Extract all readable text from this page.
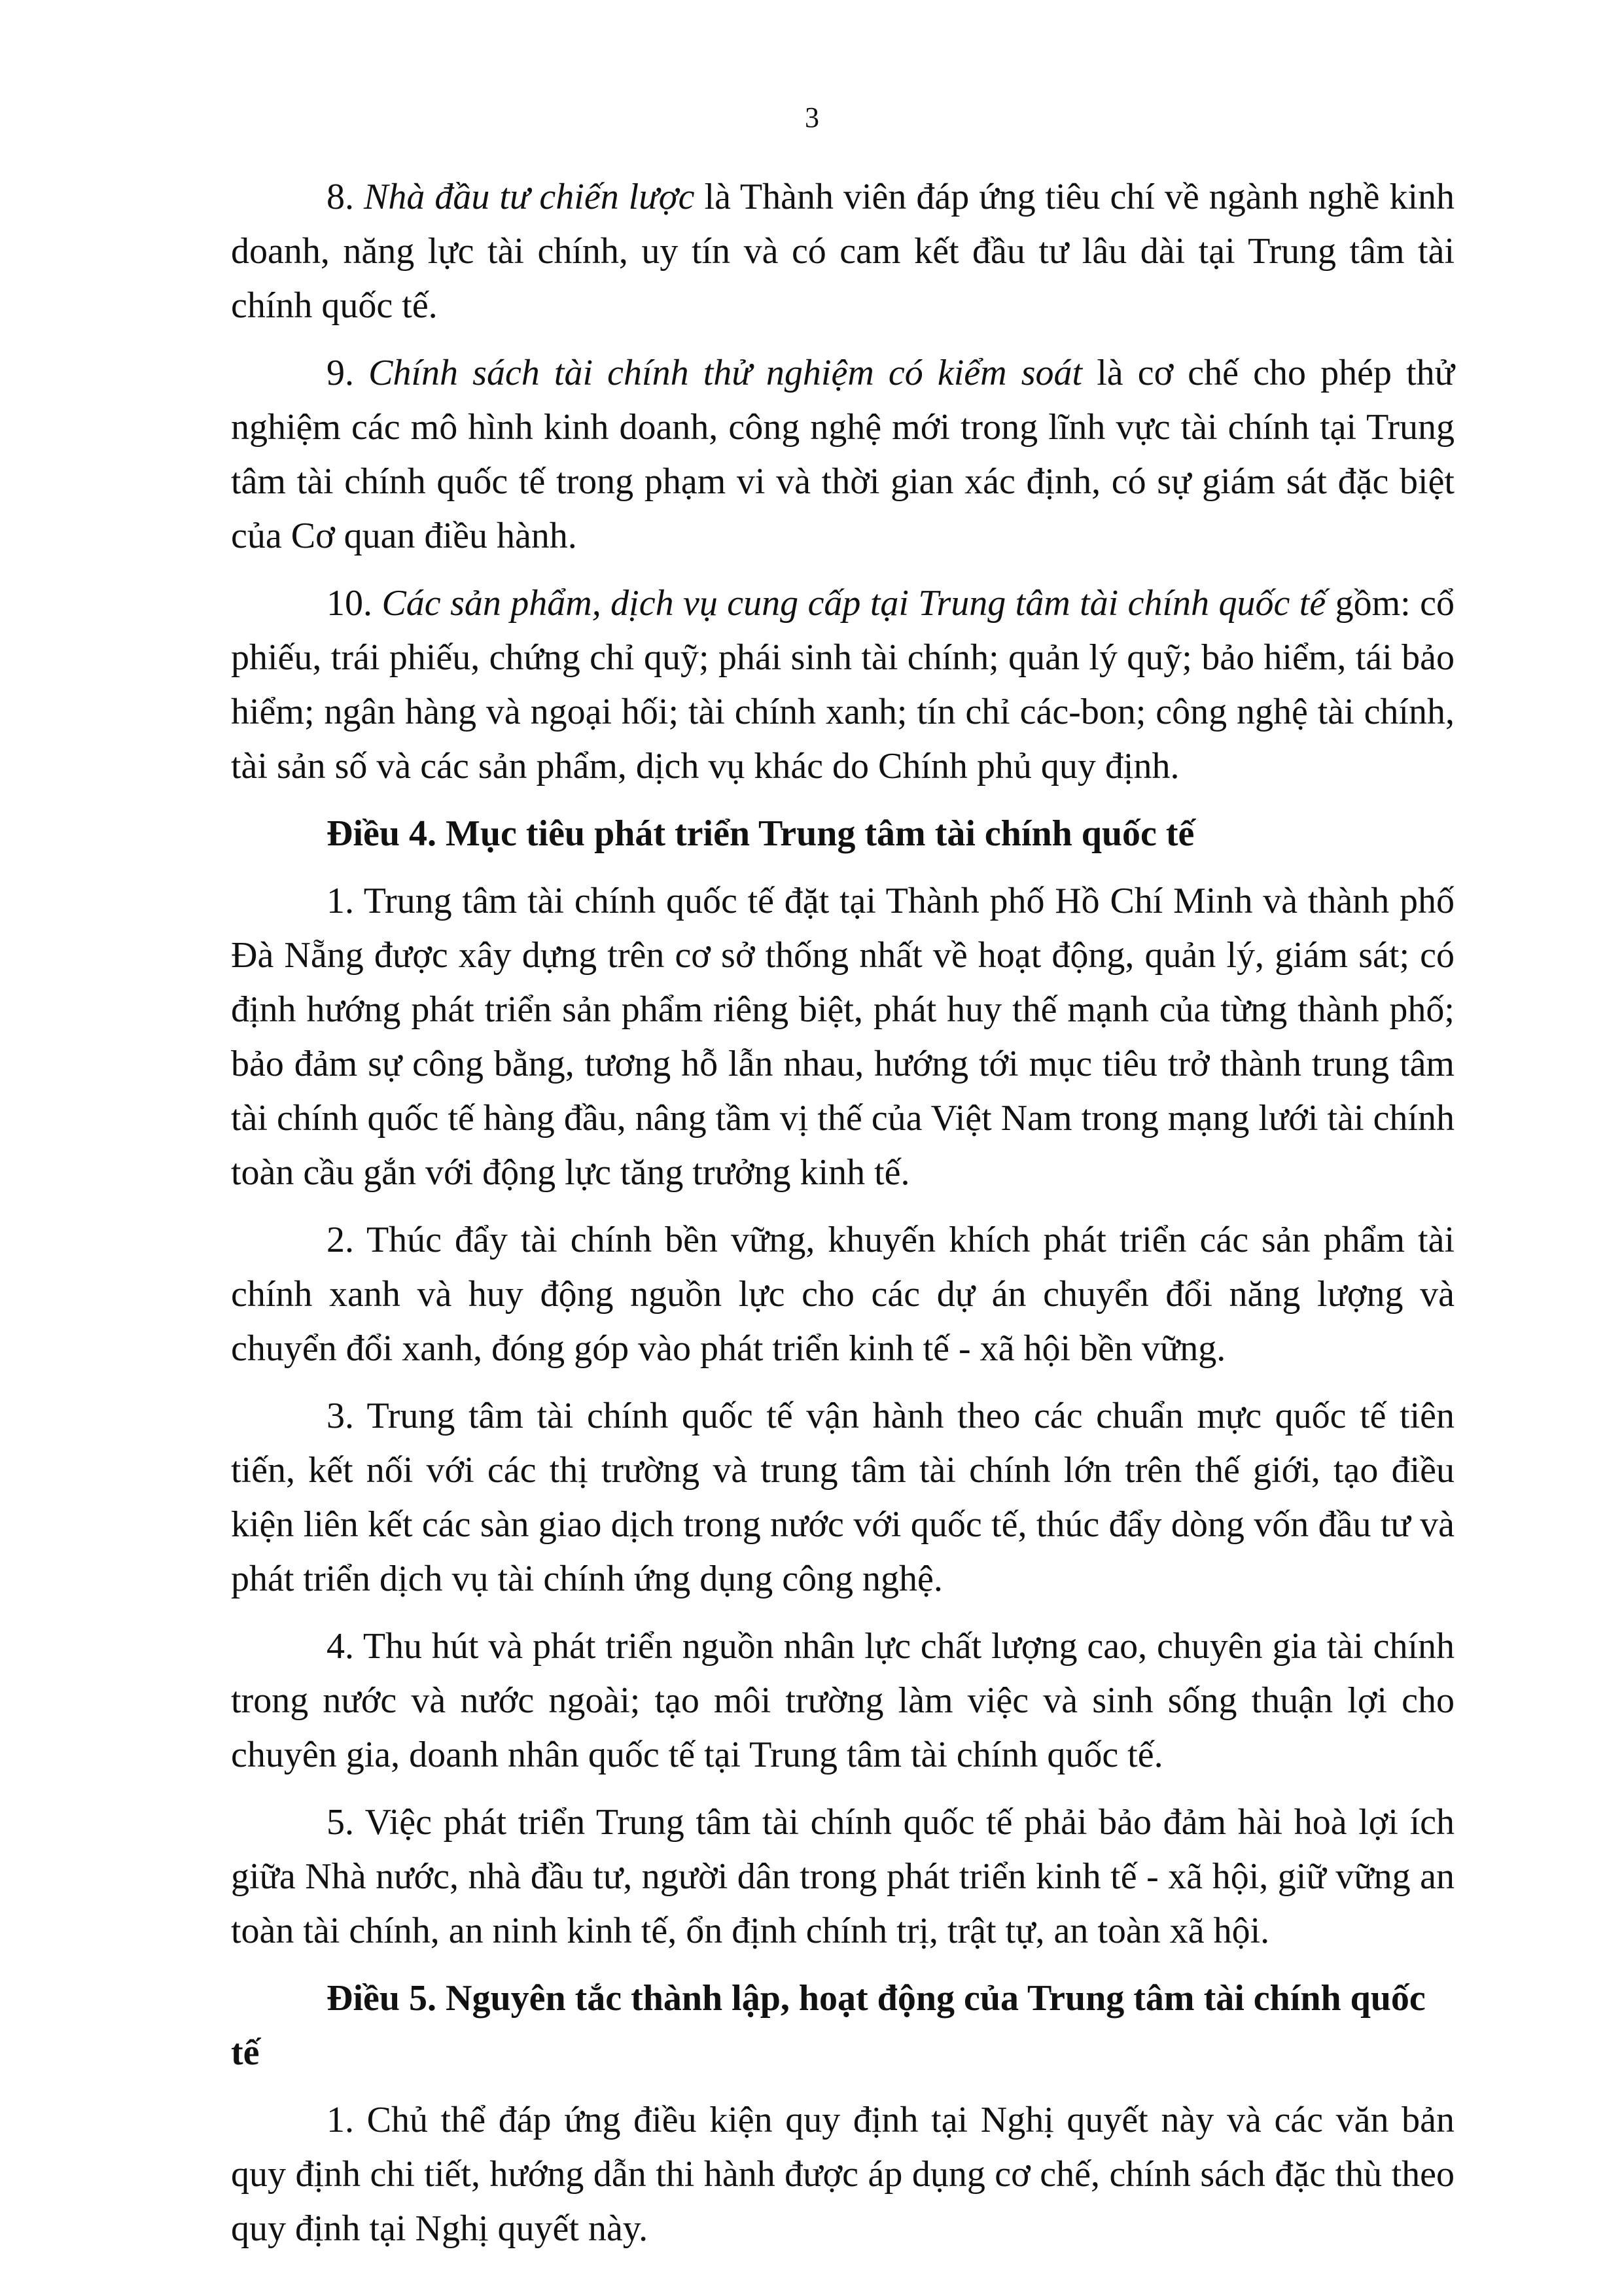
3

8. Nhà đầu tư chiến lược là Thành viên đáp ứng tiêu chí về ngành nghề kinh doanh, năng lực tài chính, uy tín và có cam kết đầu tư lâu dài tại Trung tâm tài chính quốc tế.

9. Chính sách tài chính thử nghiệm có kiểm soát là cơ chế cho phép thử nghiệm các mô hình kinh doanh, công nghệ mới trong lĩnh vực tài chính tại Trung tâm tài chính quốc tế trong phạm vi và thời gian xác định, có sự giám sát đặc biệt của Cơ quan điều hành.

10. Các sản phẩm, dịch vụ cung cấp tại Trung tâm tài chính quốc tế gồm: cổ phiếu, trái phiếu, chứng chỉ quỹ; phái sinh tài chính; quản lý quỹ; bảo hiểm, tái bảo hiểm; ngân hàng và ngoại hối; tài chính xanh; tín chỉ các-bon; công nghệ tài chính, tài sản số và các sản phẩm, dịch vụ khác do Chính phủ quy định.

Điều 4. Mục tiêu phát triển Trung tâm tài chính quốc tế

1. Trung tâm tài chính quốc tế đặt tại Thành phố Hồ Chí Minh và thành phố Đà Nẵng được xây dựng trên cơ sở thống nhất về hoạt động, quản lý, giám sát; có định hướng phát triển sản phẩm riêng biệt, phát huy thế mạnh của từng thành phố; bảo đảm sự công bằng, tương hỗ lẫn nhau, hướng tới mục tiêu trở thành trung tâm tài chính quốc tế hàng đầu, nâng tầm vị thế của Việt Nam trong mạng lưới tài chính toàn cầu gắn với động lực tăng trưởng kinh tế.

2. Thúc đẩy tài chính bền vững, khuyến khích phát triển các sản phẩm tài chính xanh và huy động nguồn lực cho các dự án chuyển đổi năng lượng và chuyển đổi xanh, đóng góp vào phát triển kinh tế - xã hội bền vững.

3. Trung tâm tài chính quốc tế vận hành theo các chuẩn mực quốc tế tiên tiến, kết nối với các thị trường và trung tâm tài chính lớn trên thế giới, tạo điều kiện liên kết các sàn giao dịch trong nước với quốc tế, thúc đẩy dòng vốn đầu tư và phát triển dịch vụ tài chính ứng dụng công nghệ.

4. Thu hút và phát triển nguồn nhân lực chất lượng cao, chuyên gia tài chính trong nước và nước ngoài; tạo môi trường làm việc và sinh sống thuận lợi cho chuyên gia, doanh nhân quốc tế tại Trung tâm tài chính quốc tế.

5. Việc phát triển Trung tâm tài chính quốc tế phải bảo đảm hài hoà lợi ích giữa Nhà nước, nhà đầu tư, người dân trong phát triển kinh tế - xã hội, giữ vững an toàn tài chính, an ninh kinh tế, ổn định chính trị, trật tự, an toàn xã hội.

Điều 5. Nguyên tắc thành lập, hoạt động của Trung tâm tài chính quốc tế

1. Chủ thể đáp ứng điều kiện quy định tại Nghị quyết này và các văn bản quy định chi tiết, hướng dẫn thi hành được áp dụng cơ chế, chính sách đặc thù theo quy định tại Nghị quyết này.
